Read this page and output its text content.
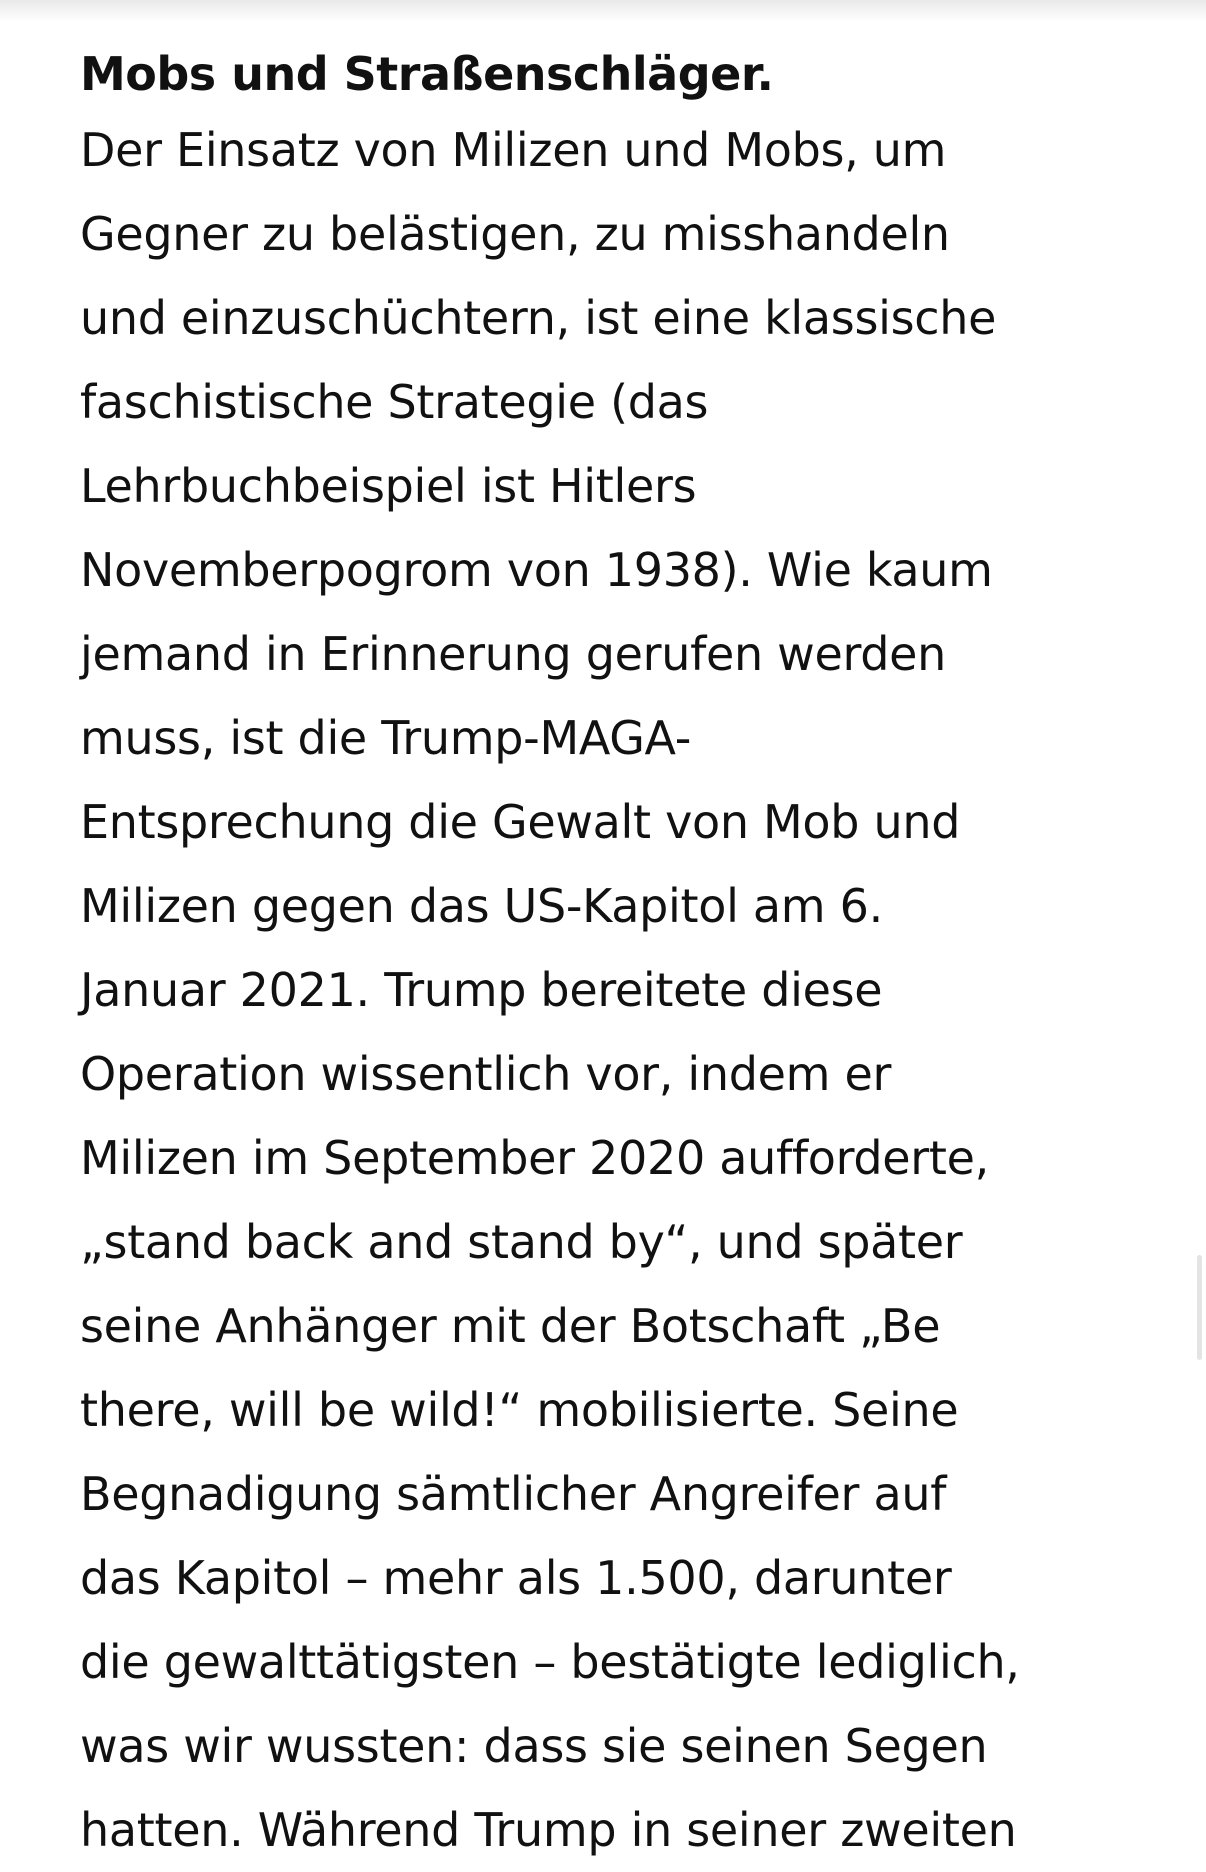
Mobs und Straßenschläger.

Der Einsatz von Milizen und Mobs, um
Gegner zu belästigen, zu misshandeln
und einzuschüchtern, ist eine klassische
faschistische Strategie (das
Lehrbuchbeispiel ist Hitlers
Novemberpogrom von 1938). Wie kaum
jemand in Erinnerung gerufen werden
muss, ist die Trump-MAGA-
Entsprechung die Gewalt von Mob und
Milizen gegen das US-Kapitol am 6.
Januar 2021. Trump bereitete diese
Operation wissentlich vor, indem er
Milizen im September 2020 aufforderte,
„stand back and stand by“, und später
seine Anhänger mit der Botschaft „Be
there, will be wild!“ mobilisierte. Seine
Begnadigung sämtlicher Angreifer auf
das Kapitol – mehr als 1.500, darunter
die gewalttätigsten – bestätigte lediglich,
was wir wussten: dass sie seinen Segen
hatten. Während Trump in seiner zweiten
